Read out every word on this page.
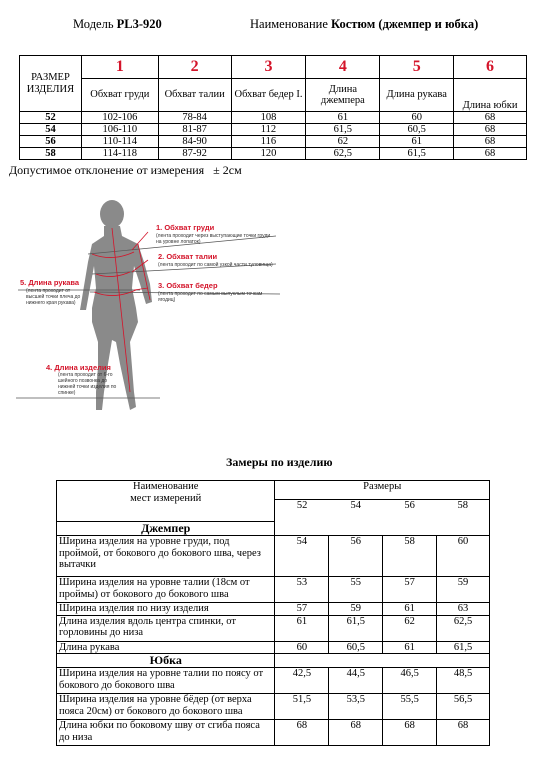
Модель PL3-920	Наименование Костюм (джемпер и юбка)
РАЗМЕР ИЗДЕЛИЯ	1	2	3	4	5	6
	Обхват груди	Обхват талии	Обхват бедер I.	Длина джемпера	Длина рукава	Длина юбки
52	102-106	78-84	108	61	60	68
54	106-110	81-87	112	61,5	60,5	68
56	110-114	84-90	116	62	61	68
58	114-118	87-92	120	62,5	61,5	68
Допустимое отклонение от измерения   ± 2см
1. Обхват груди
(лента проходит через выступающие точки груди на уровне лопаток)
2. Обхват талии
(лента проходит по самой узкой части туловища)
3. Обхват бедер
(лента проходит по самым выпуклым точкам ягодиц)
5. Длина рукава
(лента проходит от высшей точки плеча до нижнего края рукава)
4. Длина изделия
(лента проходит от 6-го шейного позвонка до нижней точки изделия по спинке)
Замеры по изделию
Наименование
мест измерений	Размеры			
	52	54	56	58
Джемпер				
Ширина изделия на уровне груди, под проймой, от бокового до бокового шва, через вытачки	54	56	58	60
Ширина изделия на уровне талии (18см от проймы) от бокового до бокового шва	53	55	57	59
Ширина изделия по низу изделия	57	59	61	63
Длина изделия вдоль центра спинки, от горловины до низа	61	61,5	62	62,5
Длина рукава	60	60,5	61	61,5
Юбка				
Ширина изделия на уровне талии по поясу от бокового до бокового шва	42,5	44,5	46,5	48,5
Ширина изделия на уровне бёдер (от верха пояса 20см) от бокового до бокового шва	51,5	53,5	55,5	56,5
Длина юбки по боковому шву от сгиба пояса до низа	68	68	68	68
